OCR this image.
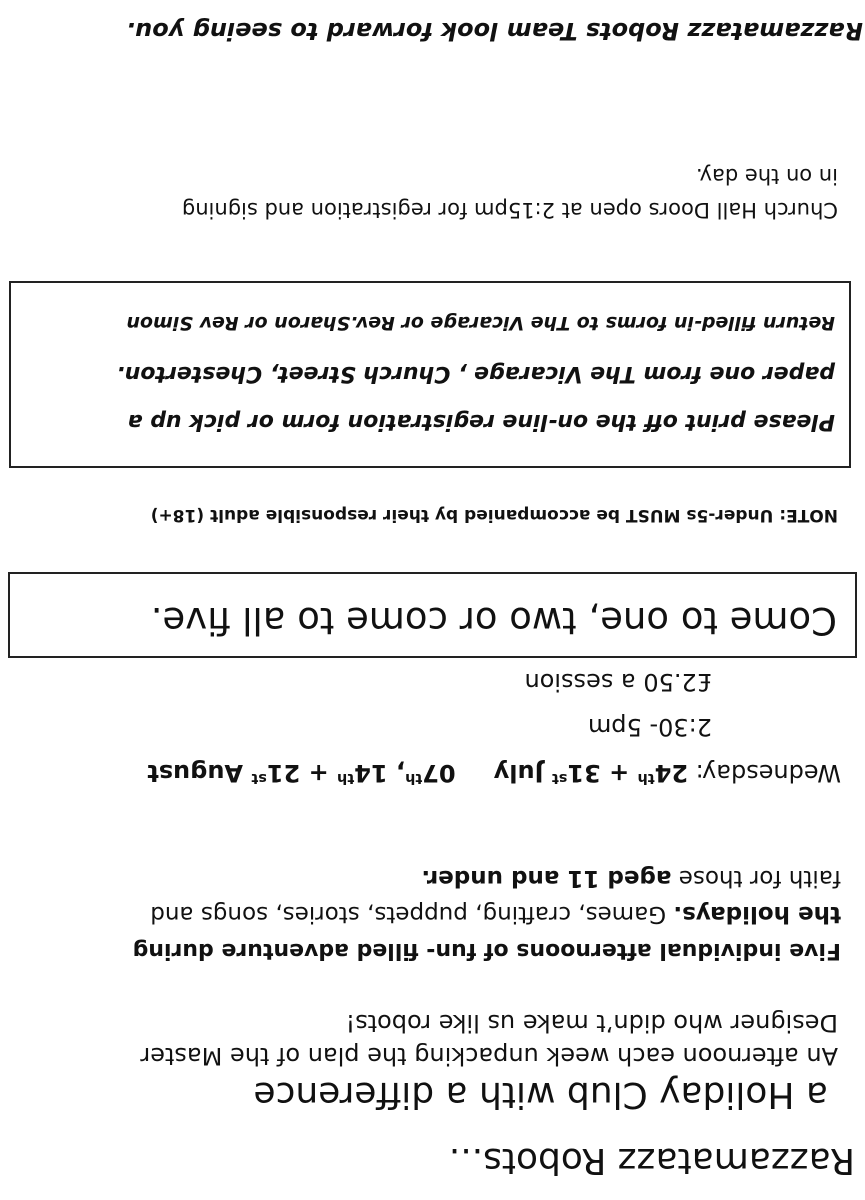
Razzamatazz Robots...
a Holiday Club with a difference
An afternoon each week unpacking the plan of the Master
Designer who didn’t make us like robots!
Five individual afternoons of fun- filled adventure during
the holidays. Games, crafting, puppets, stories, songs and
faith for those aged 11 and under.
Wednesday: 24th + 31st July07th, 14th + 21st August
2:30- 5pm
£2.50 a session
Come to one, two or come to all five.
NOTE: Under-5s MUST be accompanied by their responsible adult (18+)
Please print off the on-line registration form or pick up a
paper one from The Vicarage , Church Street, Chesterton.
Return filled-in forms to The Vicarage or Rev.Sharon or Rev Simon
Church Hall Doors open at 2:15pm for registration and signing
in on the day.
Razzamatazz Robots Team look forward to seeing you.
